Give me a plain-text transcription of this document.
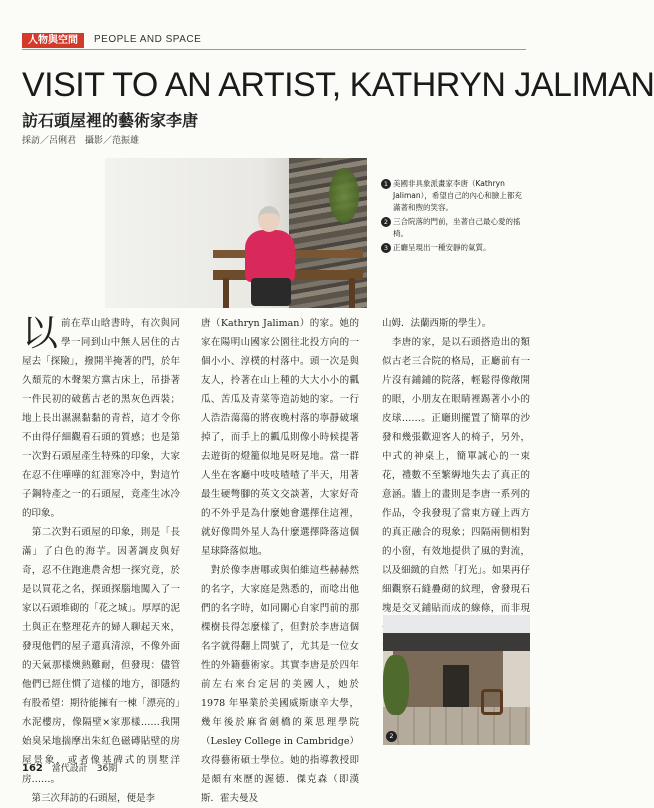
人物與空間	PEOPLE AND SPACE
VISIT TO AN ARTIST, KATHRYN JALIMAN
訪石頭屋裡的藝術家李唐
採訪／呂俐君　攝影／范振雄
1 美國非具象派畫家李唐（Kathryn Jaliman），希望自己的內心和臉上都充滿著和煦的笑容。
2 三合院落的門前，坐著自己最心愛的搖椅。
3 正廳呈現出一種安靜的氣質。
以 前在草山晗書時，有次與同學一同到山中無人居住的古屋去「探險」，撥開半掩著的門，於年久頹荒的木聲架方黨古床上，吊掛著一件民初的破舊古老的黑灰色西裝；地上長出濕濕黏黏的青苔，這才令你不由得仔細觀看石頭的質感；也是第一次對石頭屋產生特殊的印象，大家在忍不住嘩嘩的紅涯寒冷中，對這竹子鋼特產之一的石頭屋，竟產生冰冷的印象。

　第二次對石頭屋的印象，則是「長滿」了白色的海芋。因著調皮與好奇，忍不住跑進農舍想一探究竟，於是以買花之名，探頭探腦地闖入了一家以石頭堆砌的「花之城」。厚厚的泥土與正在整理花卉的婦人聊起天來，發現他們的屋子還真清涼，不像外面的天氣那樣燠熱難耐，但發現：儘管他們已經住慣了這樣的地方，卻隱約有股希望：期待能擁有一棟「漂亮的」水泥樓房，像隔壁×家那樣……我開始臭呆地揣摩出朱紅色磁磚貼壁的房屋景象，或者像基碑式的別墅洋房……。

　第三次拜訪的石頭屋，便是李

唐（Kathryn Jaliman）的家。她的家在陽明山國家公園往北投方向的一個小小、淳樸的村落中。頭一次是與友人，拎著在山上種的大大小小的瓤瓜、苦瓜及青菜等造訪她的家。一行人浩浩蕩蕩的將夜晚村落的寧靜破壞掉了，而手上的瓤瓜則像小時候提著去遊街的燈籠似地晃呀晃地。當一群人坐在客廳中吱吱喳喳了半天，用著最生硬彆腳的英文交談著，大家好奇的不外乎是為什麼她會選擇住這裡，就好像問外星人為什麼選擇降落這個星球降落似地。

　對於像李唐哪或與伯維這些赫赫然的名字，大家庭是熟悉的，而唸出他們的名字時，如同關心自家門前的那棵樹長得怎麼樣了，但對於李唐這個名字就得翻上問號了，尤其是一位女性的外籍藝術家。其實李唐是於四年前左右來台定居的美國人，她於 1978 年畢業於美國威斯康辛大學，幾年後於麻省劍橋的萊思理學院（Lesley College in Cambridge）攻得藝術碩士學位。她的指導教授即是頗有來歷的渥德．傑克森（即漢斯．霍夫曼及

山姆．法蘭西斯的學生）。

　李唐的家，是以石頭搭造出的類似古老三合院的格局，正廳前有一片沒有鋪鋪的院落，輕鬆得像敞開的眼，小朋友在眼睛裡踢著小小的皮球……。正廳則擺置了簡單的沙發和幾張歡迎客人的椅子，另外，中式的神桌上，簡單誠心的一束花，禮數不至繁縟地失去了真正的意涵。牆上的畫則是李唐一系列的作品，令我發現了當東方碰上西方的真正融合的現象；四隔兩側相對的小窗，有效地提供了風的對流，以及細緻的自然「打光」。如果再仔細觀察石縫疊砌的紋理，會發現石塊是交叉鋪貼而成的線條，而非現

2
162 當代設計　36期
